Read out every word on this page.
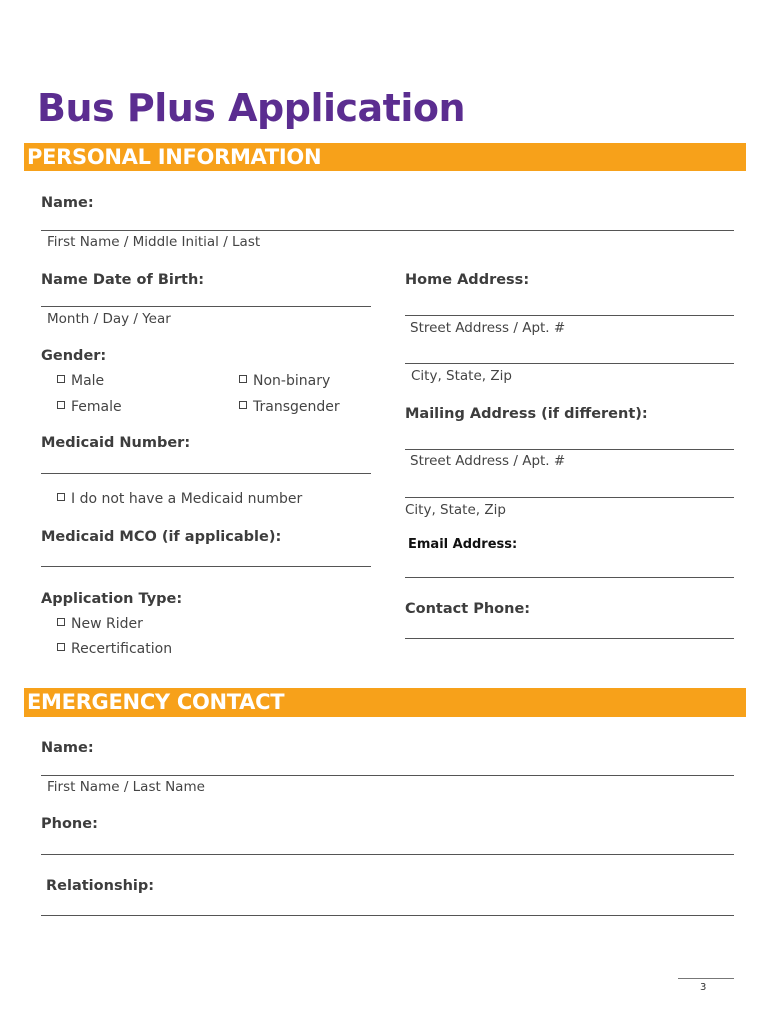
Bus Plus Application
PERSONAL INFORMATION
Name:
First Name / Middle Initial / Last
Name Date of Birth:
Month / Day / Year
Gender:
Male	Non-binary
Female	Transgender
Medicaid Number:
I do not have a Medicaid number
Medicaid MCO (if applicable):
Application Type:
New Rider
Recertification
Home Address:
Street Address / Apt. #
City, State, Zip
Mailing Address (if different):
Street Address / Apt. #
City, State, Zip
Email Address:
Contact Phone:
EMERGENCY CONTACT
Name:
First Name / Last Name
Phone:
Relationship:
3
